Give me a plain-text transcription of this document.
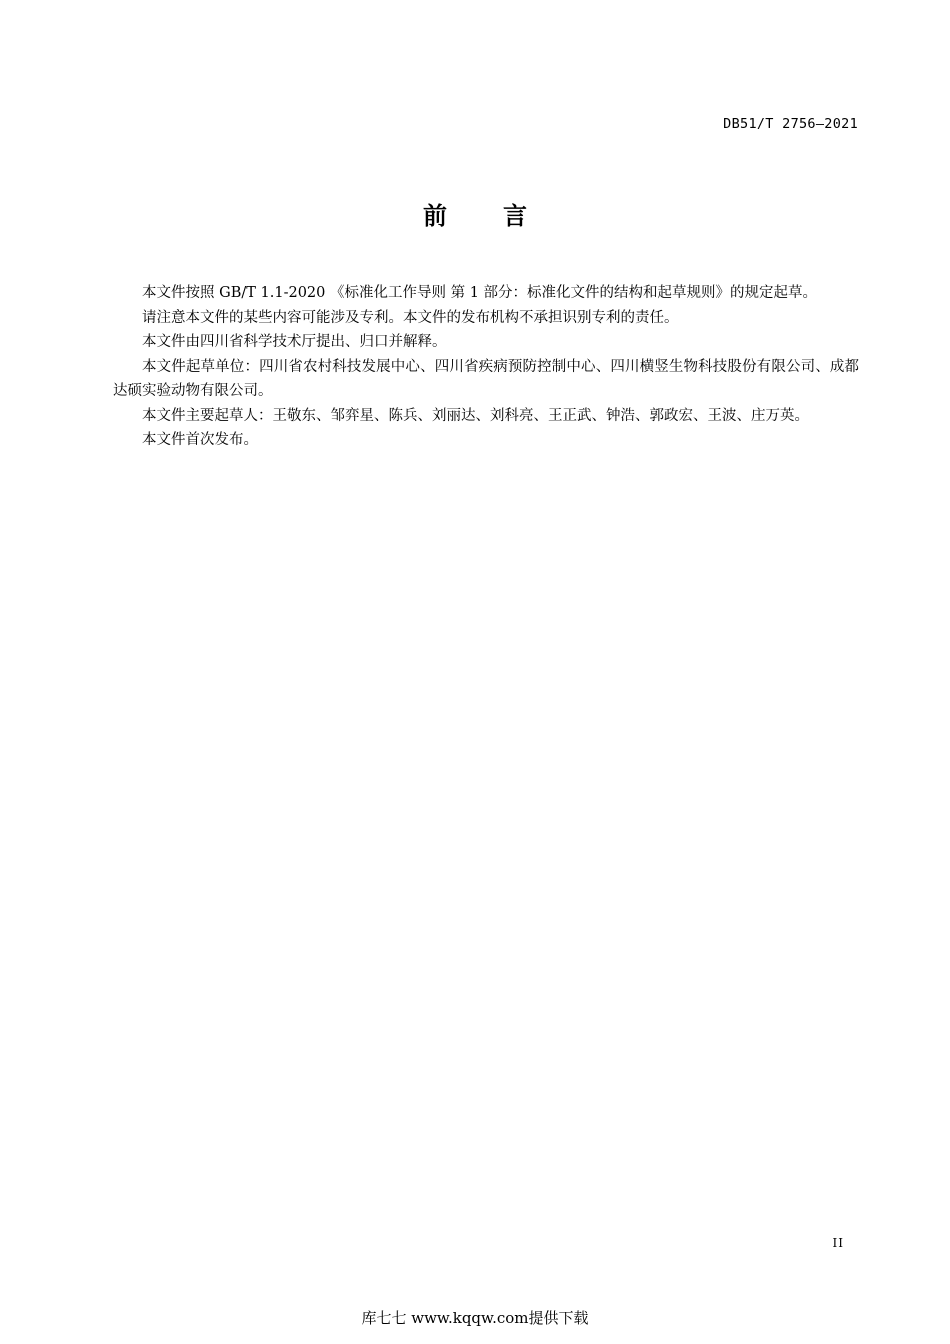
DB51/T 2756—2021
前 言

本文件按照 GB/T 1.1-2020 《标准化工作导则 第 1 部分：标准化文件的结构和起草规则》的规定起草。

请注意本文件的某些内容可能涉及专利。本文件的发布机构不承担识别专利的责任。

本文件由四川省科学技术厅提出、归口并解释。

本文件起草单位：四川省农村科技发展中心、四川省疾病预防控制中心、四川横竖生物科技股份有限公司、成都达硕实验动物有限公司。

本文件主要起草人：王敬东、邹弈星、陈兵、刘丽达、刘科亮、王正武、钟浩、郭政宏、王波、庄万英。

本文件首次发布。

II
库七七 www.kqqw.com提供下载
